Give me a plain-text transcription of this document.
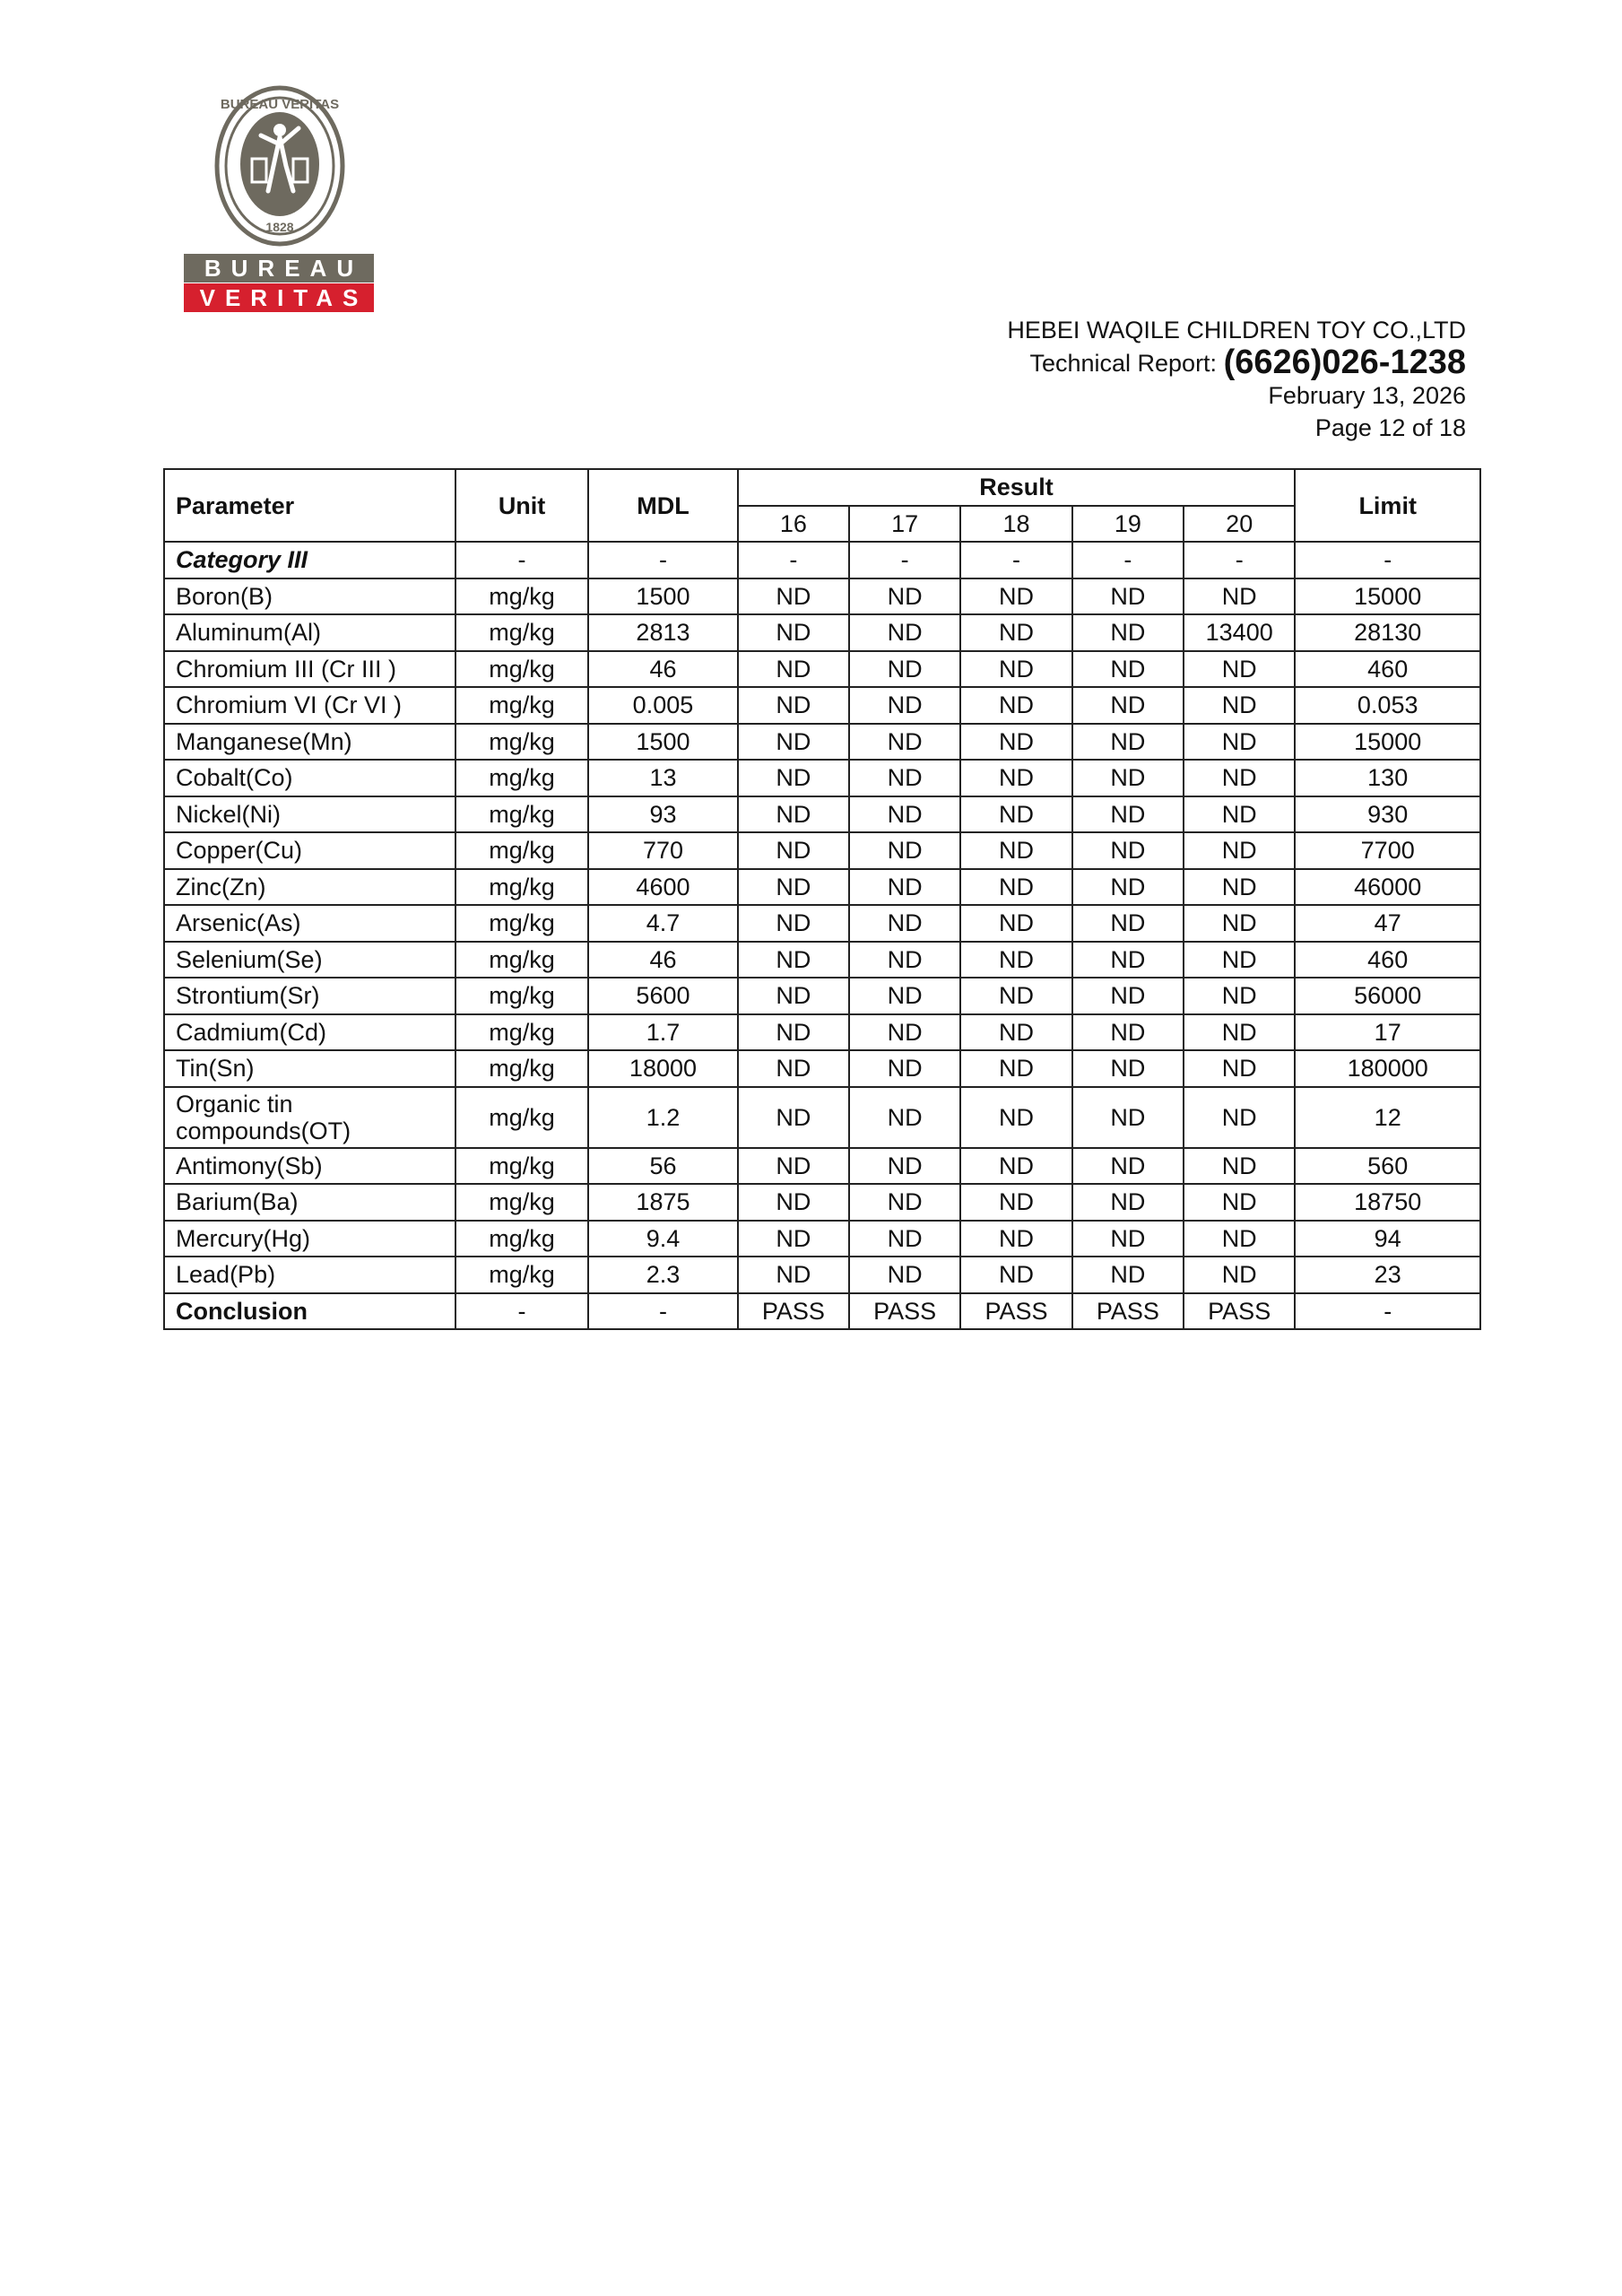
BUREAU VERITAS
1828
BUREAU
VERITAS
HEBEI WAQILE CHILDREN TOY CO.,LTD
Technical Report: (6626)026-1238
February 13, 2026
Page 12 of 18
Parameter	Unit	MDL	Result					Limit
			16	17	18	19	20	
Category III	-	-	-	-	-	-	-	-
Boron(B)	mg/kg	1500	ND	ND	ND	ND	ND	15000
Aluminum(Al)	mg/kg	2813	ND	ND	ND	ND	13400	28130
Chromium III (Cr III )	mg/kg	46	ND	ND	ND	ND	ND	460
Chromium VI (Cr VI )	mg/kg	0.005	ND	ND	ND	ND	ND	0.053
Manganese(Mn)	mg/kg	1500	ND	ND	ND	ND	ND	15000
Cobalt(Co)	mg/kg	13	ND	ND	ND	ND	ND	130
Nickel(Ni)	mg/kg	93	ND	ND	ND	ND	ND	930
Copper(Cu)	mg/kg	770	ND	ND	ND	ND	ND	7700
Zinc(Zn)	mg/kg	4600	ND	ND	ND	ND	ND	46000
Arsenic(As)	mg/kg	4.7	ND	ND	ND	ND	ND	47
Selenium(Se)	mg/kg	46	ND	ND	ND	ND	ND	460
Strontium(Sr)	mg/kg	5600	ND	ND	ND	ND	ND	56000
Cadmium(Cd)	mg/kg	1.7	ND	ND	ND	ND	ND	17
Tin(Sn)	mg/kg	18000	ND	ND	ND	ND	ND	180000
Organic tin compounds(OT)	mg/kg	1.2	ND	ND	ND	ND	ND	12
Antimony(Sb)	mg/kg	56	ND	ND	ND	ND	ND	560
Barium(Ba)	mg/kg	1875	ND	ND	ND	ND	ND	18750
Mercury(Hg)	mg/kg	9.4	ND	ND	ND	ND	ND	94
Lead(Pb)	mg/kg	2.3	ND	ND	ND	ND	ND	23
Conclusion	-	-	PASS	PASS	PASS	PASS	PASS	-
